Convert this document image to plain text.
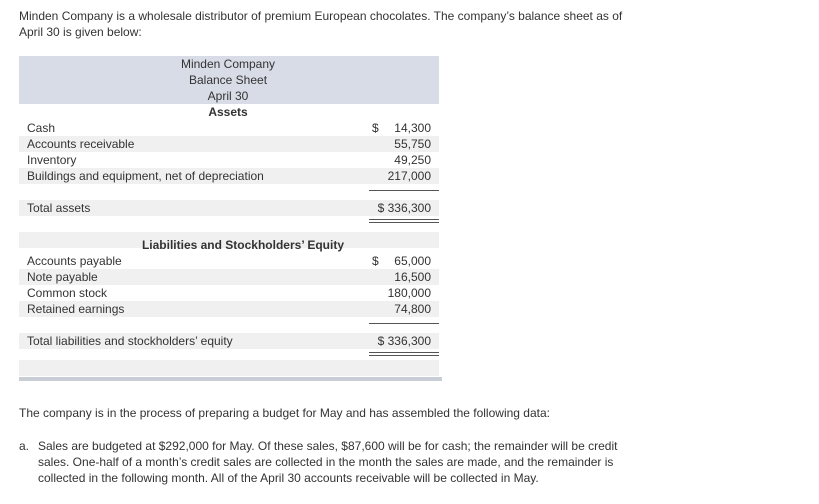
Minden Company is a wholesale distributor of premium European chocolates. The company’s balance sheet as of April 30 is given below:

Minden Company
Balance Sheet
April 30
Assets
Cash	$ 14,300
Accounts receivable	55,750
Inventory	49,250
Buildings and equipment, net of depreciation	217,000
Total assets	$ 336,300
Liabilities and Stockholders’ Equity
Accounts payable	$ 65,000
Note payable	16,500
Common stock	180,000
Retained earnings	74,800
Total liabilities and stockholders’ equity	$ 336,300

The company is in the process of preparing a budget for May and has assembled the following data:

a. Sales are budgeted at $292,000 for May. Of these sales, $87,600 will be for cash; the remainder will be credit sales. One-half of a month’s credit sales are collected in the month the sales are made, and the remainder is collected in the following month. All of the April 30 accounts receivable will be collected in May.
